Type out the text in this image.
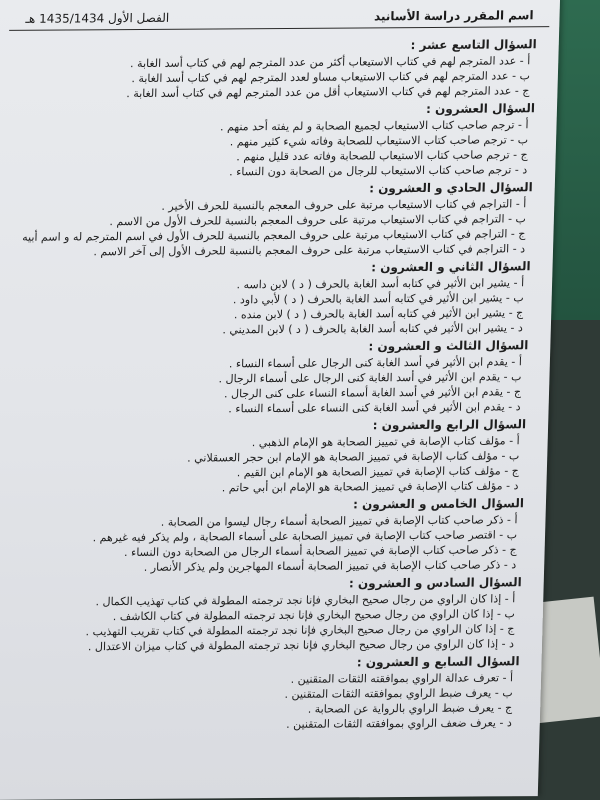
اسم المقرر دراسة الأسانيد
الفصل الأول 1435/1434 هـ
السؤال التاسع عشر :
أ - عدد المترجم لهم في كتاب الاستيعاب أكثر من عدد المترجم لهم في كتاب أسد الغابة .
ب - عدد المترجم لهم في كتاب الاستيعاب مساو لعدد المترجم لهم في كتاب أسد الغابة .
ج - عدد المترجم لهم في كتاب الاستيعاب أقل من عدد المترجم لهم في كتاب أسد الغابة .
السؤال العشرون :
أ - ترجم صاحب كتاب الاستيعاب لجميع الصحابة و لم يفته أحد منهم .
ب - ترجم صاحب كتاب الاستيعاب للصحابة وفاته شيء كثير منهم .
ج - ترجم صاحب كتاب الاستيعاب للصحابة وفاته عدد قليل منهم .
د - ترجم صاحب كتاب الاستيعاب للرجال من الصحابة دون النساء .
السؤال الحادي و العشرون :
أ - التراجم في كتاب الاستيعاب مرتبة على حروف المعجم بالنسبة للحرف الأخير .
ب - التراجم في كتاب الاستيعاب مرتبة على حروف المعجم بالنسبة للحرف الأول من الاسم .
ج - التراجم في كتاب الاستيعاب مرتبة على حروف المعجم بالنسبة للحرف الأول في اسم المترجم له و اسم أبيه
د - التراجم في كتاب الاستيعاب مرتبة على حروف المعجم بالنسبة للحرف الأول إلى آخر الاسم .
السؤال الثاني و العشرون :
أ - يشير ابن الأثير في كتابه أسد الغابة بالحرف ( د ) لابن داسه .
ب - يشير ابن الأثير في كتابه أسد الغابة بالحرف ( د ) لأبي داود .
ج - يشير ابن الأثير في كتابه أسد الغابة بالحرف ( د ) لابن منده .
د - يشير ابن الأثير في كتابه أسد الغابة بالحرف ( د ) لابن المديني .
السؤال الثالث و العشرون :
أ - يقدم ابن الأثير في أسد الغابة كنى الرجال على أسماء النساء .
ب - يقدم ابن الأثير في أسد الغابة كنى الرجال على أسماء الرجال .
ج - يقدم ابن الأثير في أسد الغابة أسماء النساء على كنى الرجال .
د - يقدم ابن الأثير في أسد الغابة كنى النساء على أسماء النساء .
السؤال الرابع والعشرون :
أ - مؤلف كتاب الإصابة في تمييز الصحابة هو الإمام الذهبي .
ب - مؤلف كتاب الإصابة في تمييز الصحابة هو الإمام ابن حجر العسقلاني .
ج - مؤلف كتاب الإصابة في تمييز الصحابة هو الإمام ابن القيم .
د - مؤلف كتاب الإصابة في تمييز الصحابة هو الإمام ابن أبي حاتم .
السؤال الخامس و العشرون :
أ - ذكر صاحب كتاب الإصابة في تمييز الصحابة أسماء رجال ليسوا من الصحابة .
ب - اقتصر صاحب كتاب الإصابة في تمييز الصحابة على أسماء الصحابة ، ولم يذكر فيه غيرهم .
ج - ذكر صاحب كتاب الإصابة في تمييز الصحابة أسماء الرجال من الصحابة دون النساء .
د - ذكر صاحب كتاب الإصابة في تمييز الصحابة أسماء المهاجرين ولم يذكر الأنصار .
السؤال السادس و العشرون :
أ - إذا كان الراوي من رجال صحيح البخاري فإنا نجد ترجمته المطولة في كتاب تهذيب الكمال .
ب - إذا كان الراوي من رجال صحيح البخاري فإنا نجد ترجمته المطولة في كتاب الكاشف .
ج - إذا كان الراوي من رجال صحيح البخاري فإنا نجد ترجمته المطولة في كتاب تقريب التهذيب .
د - إذا كان الراوي من رجال صحيح البخاري فإنا نجد ترجمته المطولة في كتاب ميزان الاعتدال .
السؤال السابع و العشرون :
أ - تعرف عدالة الراوي بموافقته الثقات المتقنين .
ب - يعرف ضبط الراوي بموافقته الثقات المتقنين .
ج - يعرف ضبط الراوي بالرواية عن الصحابة .
د - يعرف ضعف الراوي بموافقته الثقات المتقنين .
